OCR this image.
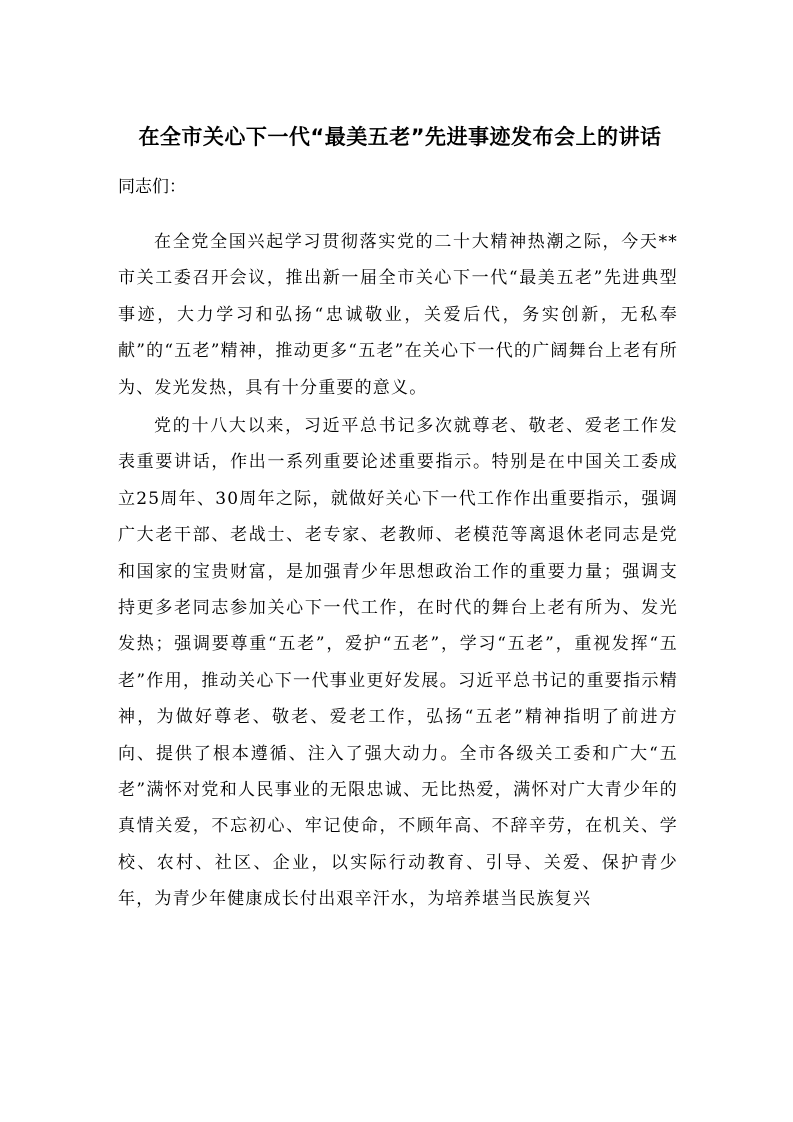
在全市关心下一代“最美五老”先进事迹发布会上的讲话

同志们：

在全党全国兴起学习贯彻落实党的二十大精神热潮之际，今天**市关工委召开会议，推出新一届全市关心下一代“最美五老”先进典型事迹，大力学习和弘扬“忠诚敬业，关爱后代，务实创新，无私奉献”的“五老”精神，推动更多“五老”在关心下一代的广阔舞台上老有所为、发光发热，具有十分重要的意义。

党的十八大以来，习近平总书记多次就尊老、敬老、爱老工作发表重要讲话，作出一系列重要论述重要指示。特别是在中国关工委成立25周年、30周年之际，就做好关心下一代工作作出重要指示，强调广大老干部、老战士、老专家、老教师、老模范等离退休老同志是党和国家的宝贵财富，是加强青少年思想政治工作的重要力量；强调支持更多老同志参加关心下一代工作，在时代的舞台上老有所为、发光发热；强调要尊重“五老”，爱护“五老”，学习“五老”，重视发挥“五老”作用，推动关心下一代事业更好发展。习近平总书记的重要指示精神，为做好尊老、敬老、爱老工作，弘扬“五老”精神指明了前进方向、提供了根本遵循、注入了强大动力。全市各级关工委和广大“五老”满怀对党和人民事业的无限忠诚、无比热爱，满怀对广大青少年的真情关爱，不忘初心、牢记使命，不顾年高、不辞辛劳，在机关、学校、农村、社区、企业，以实际行动教育、引导、关爱、保护青少年，为青少年健康成长付出艰辛汗水，为培养堪当民族复兴
